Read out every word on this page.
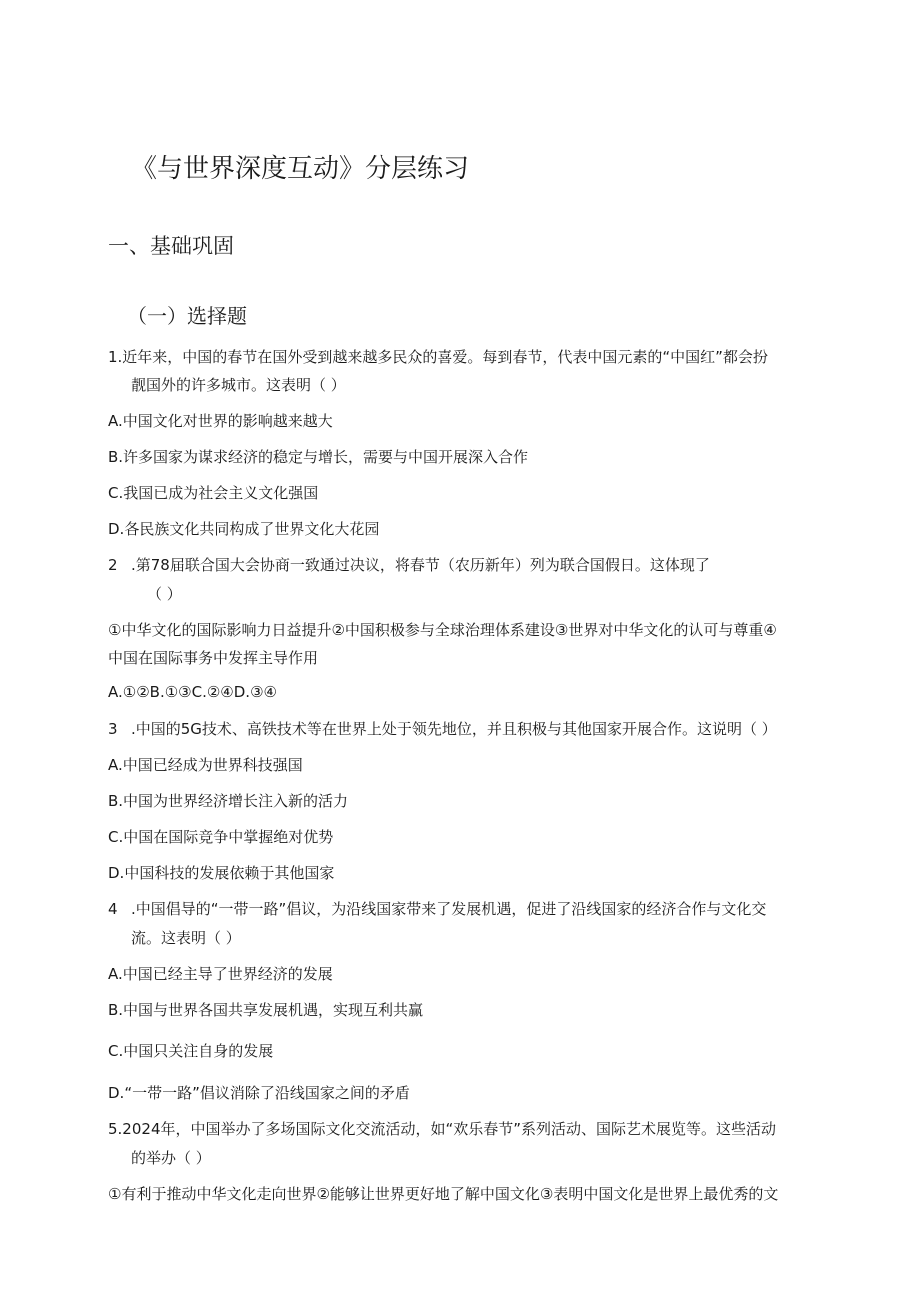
《与世界深度互动》分层练习
一、基础巩固
（一）选择题
1.近年来，中国的春节在国外受到越来越多民众的喜爱。每到春节，代表中国元素的“中国红”都会扮
靓国外的许多城市。这表明（ ）
A.中国文化对世界的影响越来越大
B.许多国家为谋求经济的稳定与增长，需要与中国开展深入合作
C.我国已成为社会主义文化强国
D.各民族文化共同构成了世界文化大花园
2 .第78届联合国大会协商一致通过决议，将春节（农历新年）列为联合国假日。这体现了
（ ）
①中华文化的国际影响力日益提升②中国积极参与全球治理体系建设③世界对中华文化的认可与尊重④
中国在国际事务中发挥主导作用
A.①②B.①③C.②④D.③④
3 .中国的5G技术、高铁技术等在世界上处于领先地位，并且积极与其他国家开展合作。这说明（ ）
A.中国已经成为世界科技强国
B.中国为世界经济增长注入新的活力
C.中国在国际竞争中掌握绝对优势
D.中国科技的发展依赖于其他国家
4 .中国倡导的“一带一路”倡议，为沿线国家带来了发展机遇，促进了沿线国家的经济合作与文化交
流。这表明（ ）
A.中国已经主导了世界经济的发展
B.中国与世界各国共享发展机遇，实现互利共赢
C.中国只关注自身的发展
D.“一带一路”倡议消除了沿线国家之间的矛盾
5.2024年，中国举办了多场国际文化交流活动，如“欢乐春节”系列活动、国际艺术展览等。这些活动
的举办（ ）
①有利于推动中华文化走向世界②能够让世界更好地了解中国文化③表明中国文化是世界上最优秀的文
